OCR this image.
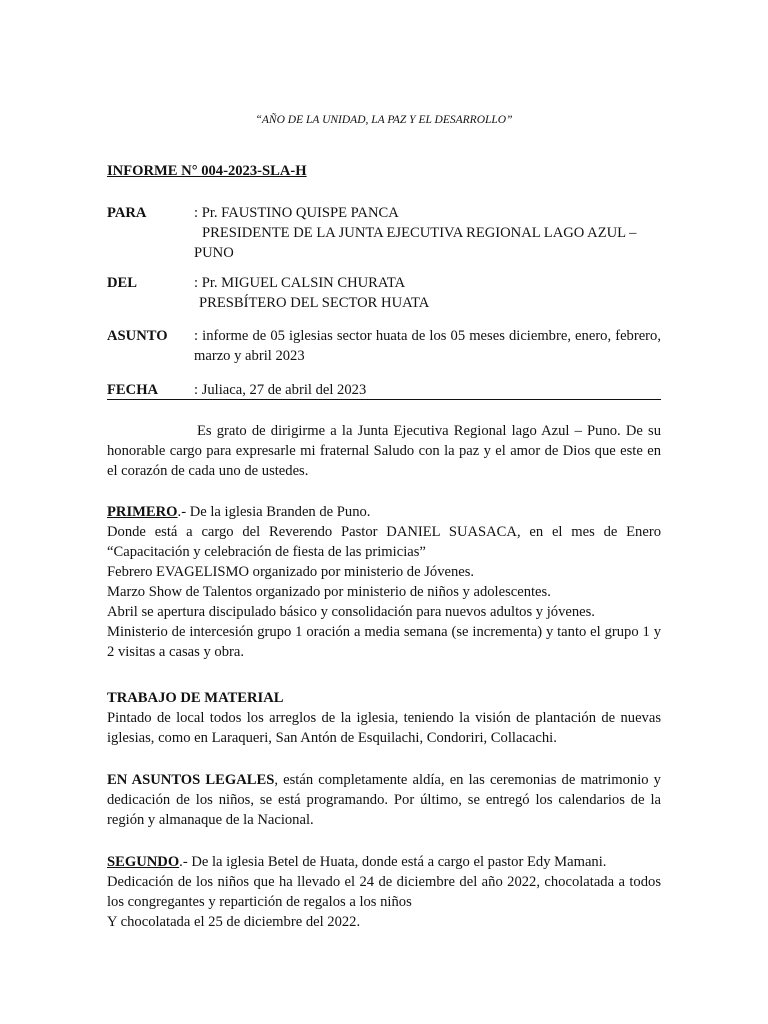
“AÑO DE LA UNIDAD, LA PAZ Y EL DESARROLLO”
INFORME N° 004-2023-SLA-H
PARA	: Pr. FAUSTINO QUISPE PANCA
PRESIDENTE DE LA JUNTA EJECUTIVA REGIONAL LAGO AZUL –
PUNO
DEL	: Pr. MIGUEL CALSIN CHURATA
PRESBÍTERO DEL SECTOR HUATA
ASUNTO : informe de 05 iglesias sector huata de los 05 meses diciembre, enero, febrero, marzo y abril 2023
FECHA : Juliaca, 27 de abril del 2023

Es grato de dirigirme a la Junta Ejecutiva Regional lago Azul – Puno. De su honorable cargo para expresarle mi fraternal Saludo con la paz y el amor de Dios que este en el corazón de cada uno de ustedes.

PRIMERO.- De la iglesia Branden de Puno.

Donde está a cargo del Reverendo Pastor DANIEL SUASACA, en el mes de Enero “Capacitación y celebración de fiesta de las primicias”

Febrero EVAGELISMO organizado por ministerio de Jóvenes.

Marzo Show de Talentos organizado por ministerio de niños y adolescentes.

Abril se apertura discipulado básico y consolidación para nuevos adultos y jóvenes.

Ministerio de intercesión grupo 1 oración a media semana (se incrementa) y tanto el grupo 1 y 2 visitas a casas y obra.

TRABAJO DE MATERIAL

Pintado de local todos los arreglos de la iglesia, teniendo la visión de plantación de nuevas iglesias, como en Laraqueri, San Antón de Esquilachi, Condoriri, Collacachi.

EN ASUNTOS LEGALES, están completamente aldía, en las ceremonias de matrimonio y dedicación de los niños, se está programando. Por último, se entregó los calendarios de la región y almanaque de la Nacional.

SEGUNDO.- De la iglesia Betel de Huata, donde está a cargo el pastor Edy Mamani.

Dedicación de los niños que ha llevado el 24 de diciembre del año 2022, chocolatada a todos los congregantes y repartición de regalos a los niños

Y chocolatada el 25 de diciembre del 2022.
